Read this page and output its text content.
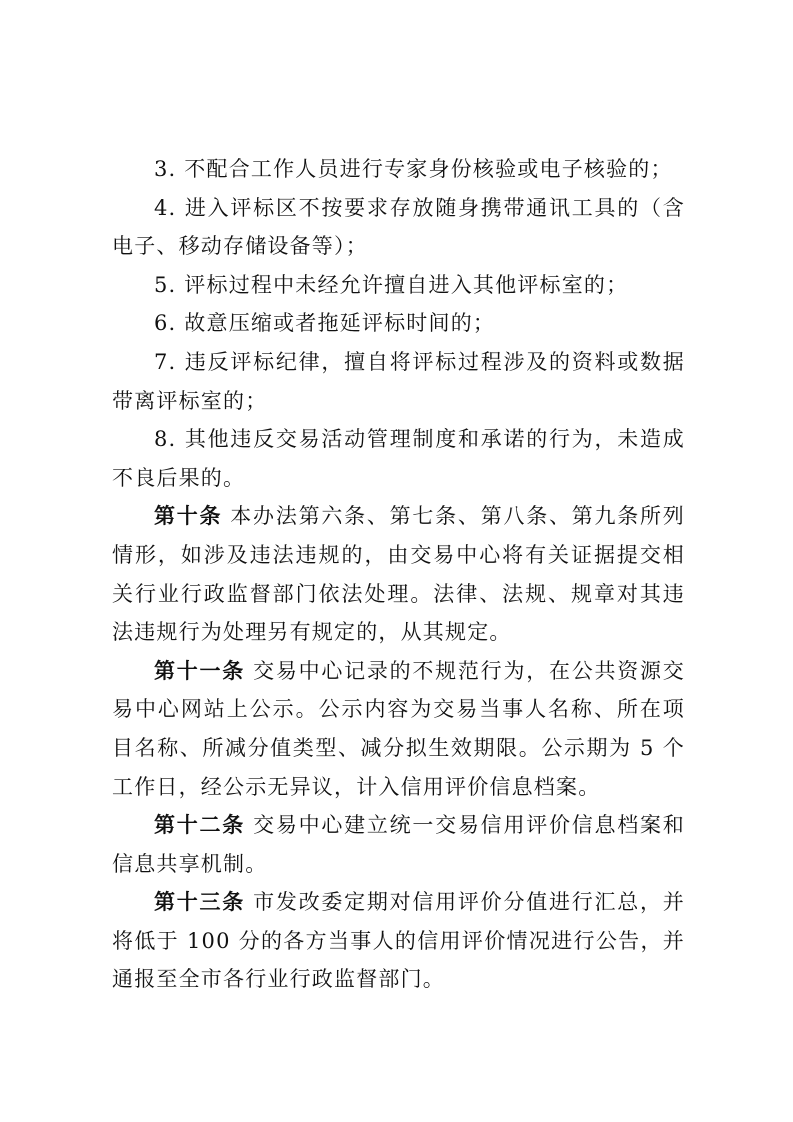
3. 不配合工作人员进行专家身份核验或电子核验的；

4. 进入评标区不按要求存放随身携带通讯工具的（含电子、移动存储设备等）；

5. 评标过程中未经允许擅自进入其他评标室的；

6. 故意压缩或者拖延评标时间的；

7. 违反评标纪律，擅自将评标过程涉及的资料或数据带离评标室的；

8. 其他违反交易活动管理制度和承诺的行为，未造成不良后果的。

第十条 本办法第六条、第七条、第八条、第九条所列情形，如涉及违法违规的，由交易中心将有关证据提交相关行业行政监督部门依法处理。法律、法规、规章对其违法违规行为处理另有规定的，从其规定。

第十一条 交易中心记录的不规范行为，在公共资源交易中心网站上公示。公示内容为交易当事人名称、所在项目名称、所减分值类型、减分拟生效期限。公示期为 5 个工作日，经公示无异议，计入信用评价信息档案。

第十二条 交易中心建立统一交易信用评价信息档案和信息共享机制。

第十三条 市发改委定期对信用评价分值进行汇总，并将低于 100 分的各方当事人的信用评价情况进行公告，并通报至全市各行业行政监督部门。
